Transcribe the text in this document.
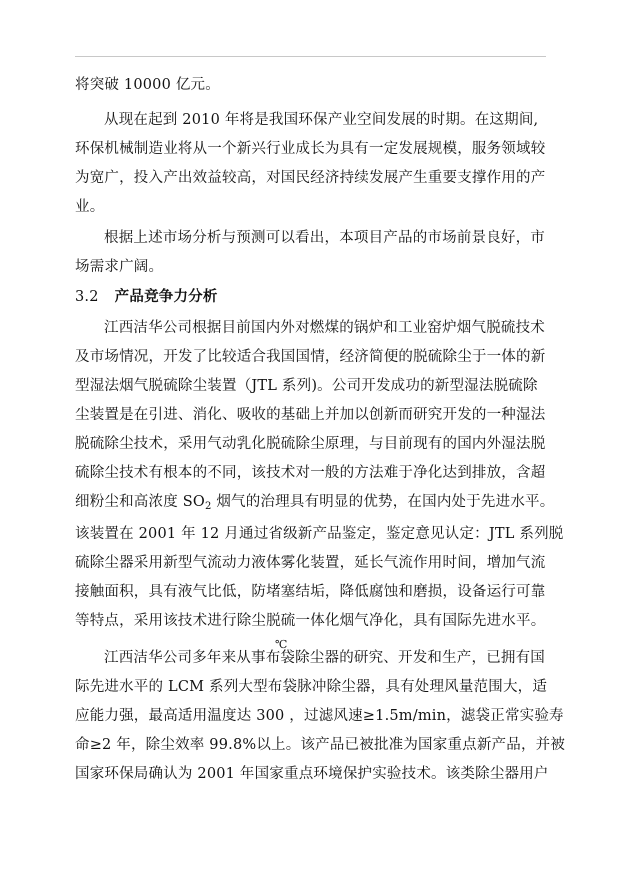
将突破 10000 亿元。
从现在起到 2010 年将是我国环保产业空间发展的时期。在这期间,
环保机械制造业将从一个新兴行业成长为具有一定发展规模，服务领域较
为宽广，投入产出效益较高，对国民经济持续发展产生重要支撑作用的产
业。
根据上述市场分析与预测可以看出，本项目产品的市场前景良好，市
场需求广阔。
3.2 产品竞争力分析
江西洁华公司根据目前国内外对燃煤的锅炉和工业窑炉烟气脱硫技术
及市场情况，开发了比较适合我国国情，经济简便的脱硫除尘于一体的新
型湿法烟气脱硫除尘装置（JTL 系列)。公司开发成功的新型湿法脱硫除
尘装置是在引进、消化、吸收的基础上并加以创新而研究开发的一种湿法
脱硫除尘技术，采用气动乳化脱硫除尘原理，与目前现有的国内外湿法脱
硫除尘技术有根本的不同，该技术对一般的方法难于净化达到排放，含超
细粉尘和高浓度 $SO_2$ 烟气的治理具有明显的优势，在国内处于先进水平。
该装置在 2001 年 12 月通过省级新产品鉴定，鉴定意见认定：JTL 系列脱
硫除尘器采用新型气流动力液体雾化装置，延长气流作用时间，增加气流
接触面积，具有液气比低，防堵塞结垢，降低腐蚀和磨损，设备运行可靠
等特点，采用该技术进行除尘脱硫一体化烟气净化，具有国际先进水平。
℃
江西洁华公司多年来从事布袋除尘器的研究、开发和生产，已拥有国
际先进水平的 LCM 系列大型布袋脉冲除尘器，具有处理风量范围大，适
应能力强，最高适用温度达 300 ，过滤风速≥1.5m/min，滤袋正常实验寿
命≥2 年，除尘效率 99.8%以上。该产品已被批准为国家重点新产品，并被
国家环保局确认为 2001 年国家重点环境保护实验技术。该类除尘器用户
